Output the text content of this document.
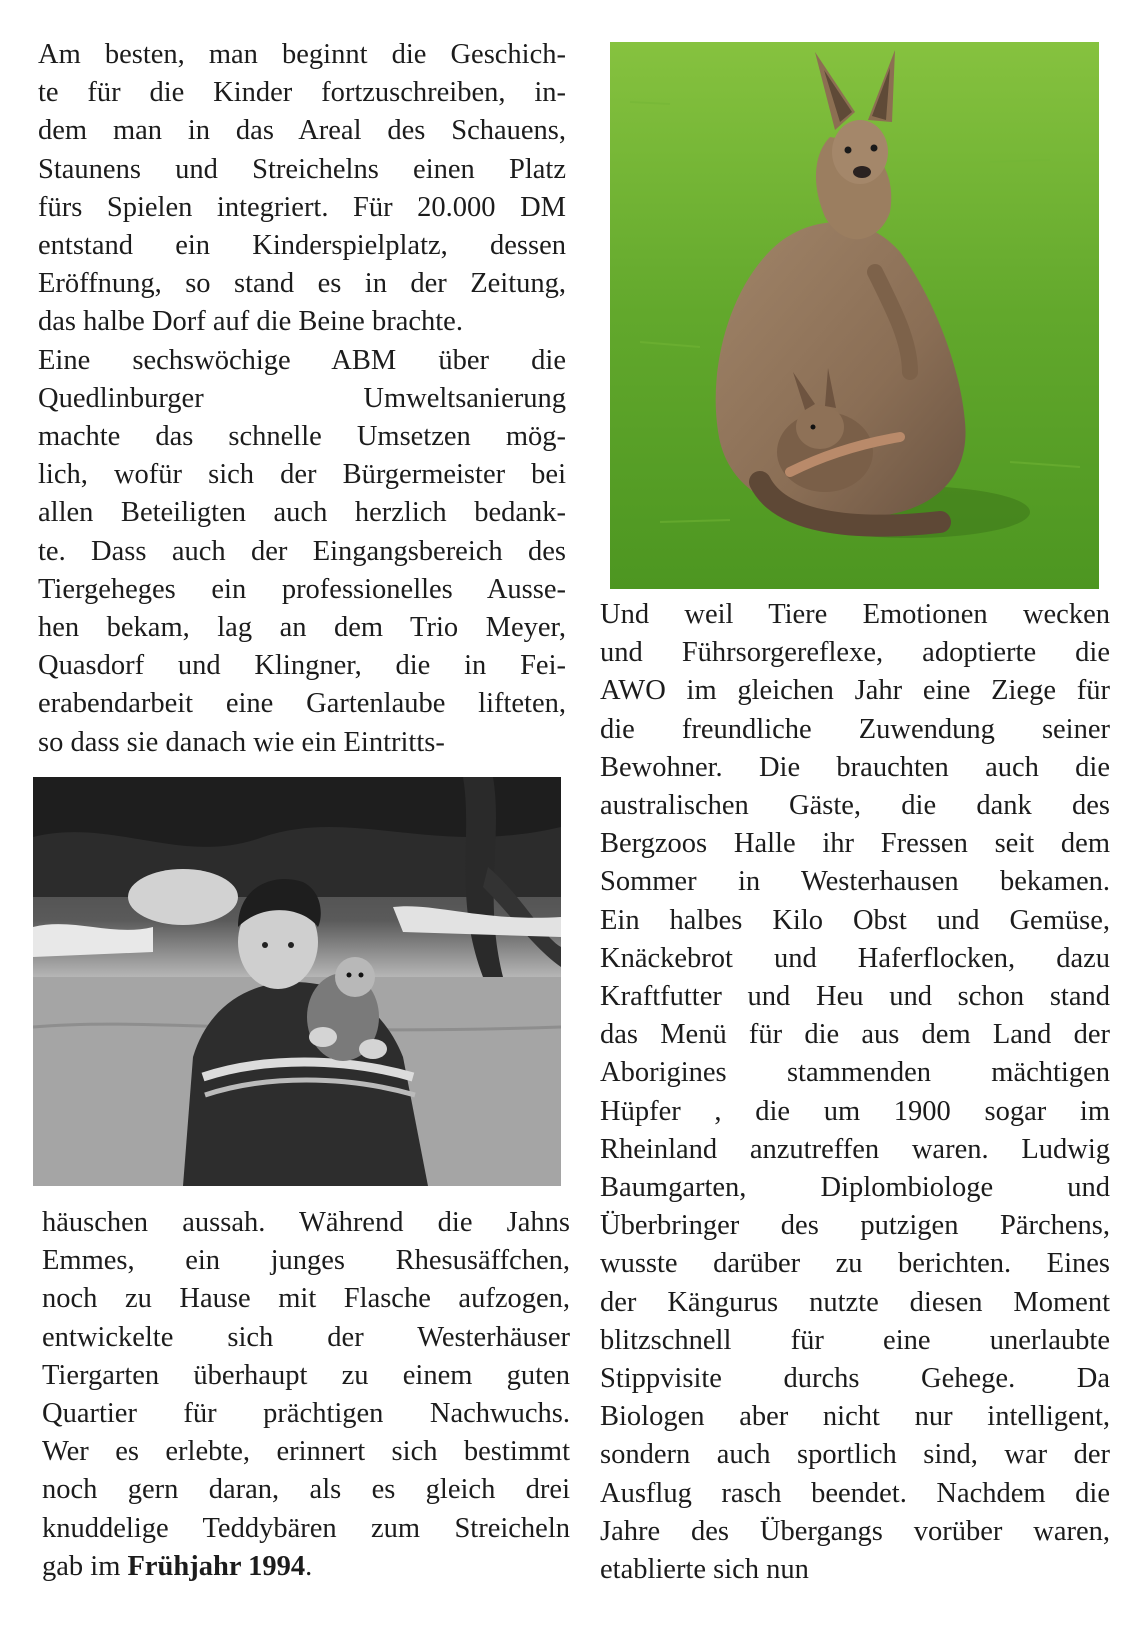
Am besten, man beginnt die Geschich-
te für die Kinder fortzuschreiben, in-
dem man in das Areal des Schauens,
Staunens und Streichelns einen Platz
fürs Spielen integriert. Für 20.000 DM
entstand ein Kinderspielplatz, dessen
Eröffnung, so stand es in der Zeitung,
das halbe Dorf auf die Beine brachte.
Eine sechswöchige ABM über die
Quedlinburger Umweltsanierung
machte das schnelle Umsetzen mög-
lich, wofür sich der Bürgermeister bei
allen Beteiligten auch herzlich bedank-
te. Dass auch der Eingangsbereich des
Tiergeheges ein professionelles Ausse-
hen bekam, lag an dem Trio Meyer,
Quasdorf und Klingner, die in Fei-
erabendarbeit eine Gartenlaube lifteten,
so dass sie danach wie ein Eintritts-
häuschen aussah. Während die Jahns
Emmes, ein junges Rhesusäffchen,
noch zu Hause mit Flasche aufzogen,
entwickelte sich der Westerhäuser
Tiergarten überhaupt zu einem guten
Quartier für prächtigen Nachwuchs.
Wer es erlebte, erinnert sich bestimmt
noch gern daran, als es gleich drei
knuddelige Teddybären zum Streicheln
gab im Frühjahr 1994.
Und weil Tiere Emotionen wecken
und Führsorgereflexe, adoptierte die
AWO im gleichen Jahr eine Ziege für
die freundliche Zuwendung seiner
Bewohner. Die brauchten auch die
australischen Gäste, die dank des
Bergzoos Halle ihr Fressen seit dem
Sommer in Westerhausen bekamen.
Ein halbes Kilo Obst und Gemüse,
Knäckebrot und Haferflocken, dazu
Kraftfutter und Heu und schon stand
das Menü für die aus dem Land der
Aborigines stammenden mächtigen
Hüpfer , die um 1900 sogar im
Rheinland anzutreffen waren. Ludwig
Baumgarten, Diplombiologe und
Überbringer des putzigen Pärchens,
wusste darüber zu berichten. Eines
der Kängurus nutzte diesen Moment
blitzschnell für eine unerlaubte
Stippvisite durchs Gehege. Da
Biologen aber nicht nur intelligent,
sondern auch sportlich sind, war der
Ausflug rasch beendet. Nachdem die
Jahre des Übergangs vorüber waren,
etablierte sich nun
